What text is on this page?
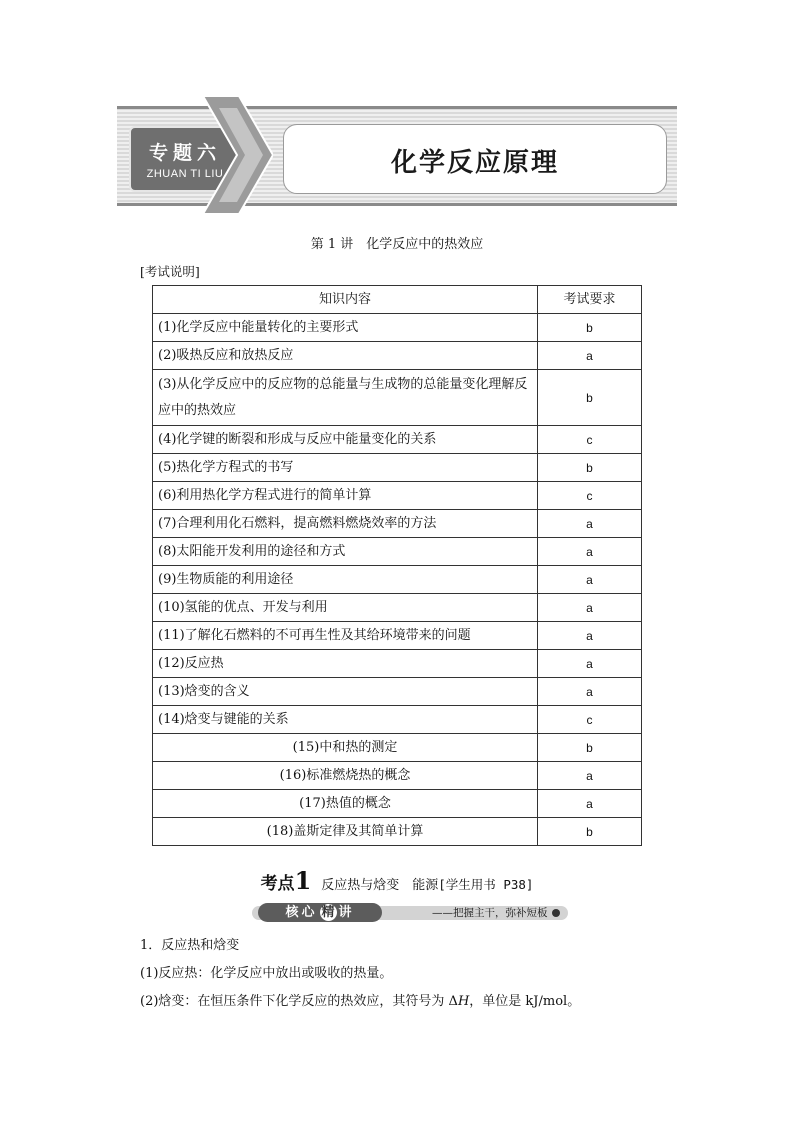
专题六
ZHUAN TI LIU	化学反应原理
第 1 讲　化学反应中的热效应
[考试说明]
知识内容	考试要求
(1)化学反应中能量转化的主要形式	b
(2)吸热反应和放热反应	a
(3)从化学反应中的反应物的总能量与生成物的总能量变化理解反应中的热效应	b
(4)化学键的断裂和形成与反应中能量变化的关系	c
(5)热化学方程式的书写	b
(6)利用热化学方程式进行的简单计算	c
(7)合理利用化石燃料，提高燃料燃烧效率的方法	a
(8)太阳能开发利用的途径和方式	a
(9)生物质能的利用途径	a
(10)氢能的优点、开发与利用	a
(11)了解化石燃料的不可再生性及其给环境带来的问题	a
(12)反应热	a
(13)焓变的含义	a
(14)焓变与键能的关系	c
(15)中和热的测定	b
(16)标准燃烧热的概念	a
(17)热值的概念	a
(18)盖斯定律及其简单计算	b
考点1 反应热与焓变　能源[学生用书 P38]
核心 精 讲	——把握主干，弥补短板
1．反应热和焓变
(1)反应热：化学反应中放出或吸收的热量。
(2)焓变：在恒压条件下化学反应的热效应，其符号为 ΔH，单位是 kJ/mol。
